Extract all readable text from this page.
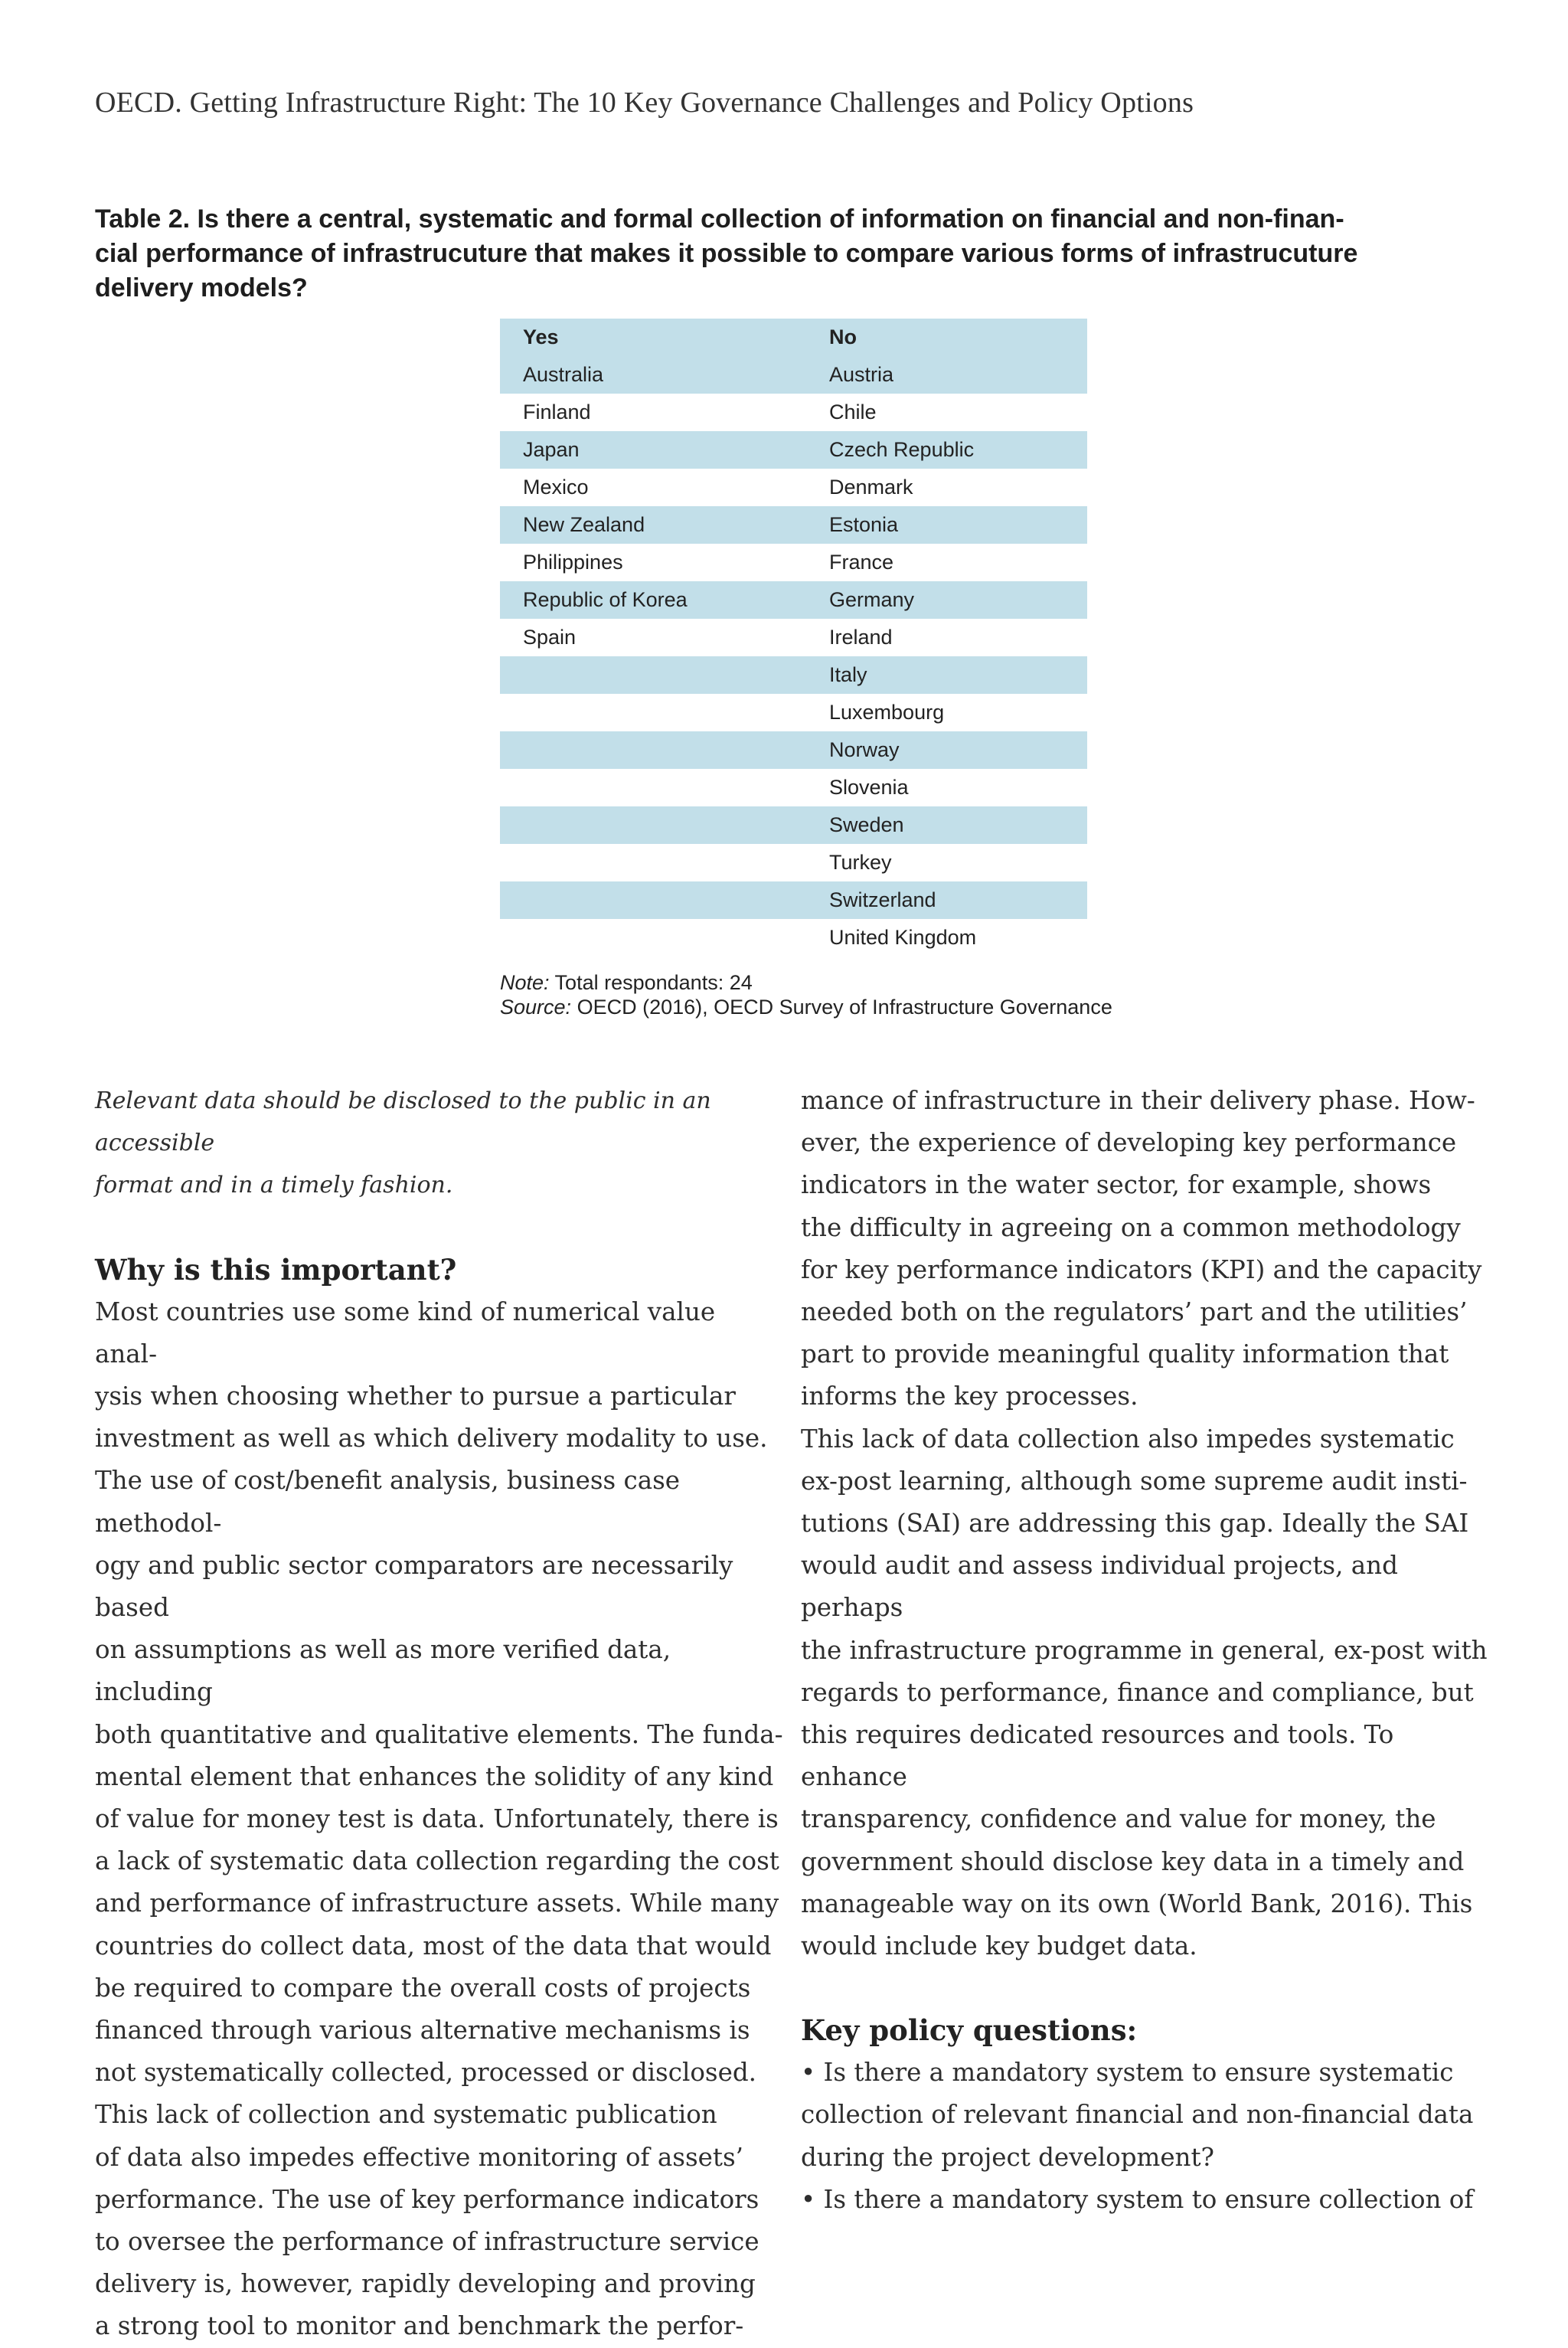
OECD. Getting Infrastructure Right: The 10 Key Governance Challenges and Policy Options
Table 2. Is there a central, systematic and formal collection of information on financial and non-finan-
cial performance of infrastrucuture that makes it possible to compare various forms of infrastrucuture
delivery models?
Yes	No
Australia	Austria
Finland	Chile
Japan	Czech Republic
Mexico	Denmark
New Zealand	Estonia
Philippines	France
Republic of Korea	Germany
Spain	Ireland
	Italy
	Luxembourg
	Norway
	Slovenia
	Sweden
	Turkey
	Switzerland
	United Kingdom
Note: Total respondants: 24
Source: OECD (2016), OECD Survey of Infrastructure Governance
Relevant data should be disclosed to the public in an accessible
format and in a timely fashion.
Why is this important?
Most countries use some kind of numerical value anal-
ysis when choosing whether to pursue a particular
investment as well as which delivery modality to use.
The use of cost/benefit analysis, business case methodol-
ogy and public sector comparators are necessarily based
on assumptions as well as more verified data, including
both quantitative and qualitative elements. The funda-
mental element that enhances the solidity of any kind
of value for money test is data. Unfortunately, there is
a lack of systematic data collection regarding the cost
and performance of infrastructure assets. While many
countries do collect data, most of the data that would
be required to compare the overall costs of projects
financed through various alternative mechanisms is
not systematically collected, processed or disclosed.
This lack of collection and systematic publication
of data also impedes effective monitoring of assets’
performance. The use of key performance indicators
to oversee the performance of infrastructure service
delivery is, however, rapidly developing and proving
a strong tool to monitor and benchmark the perfor-
mance of infrastructure in their delivery phase. How-
ever, the experience of developing key performance
indicators in the water sector, for example, shows
the difficulty in agreeing on a common methodology
for key performance indicators (KPI) and the capacity
needed both on the regulators’ part and the utilities’
part to provide meaningful quality information that
informs the key processes.
This lack of data collection also impedes systematic
ex-post learning, although some supreme audit insti-
tutions (SAI) are addressing this gap. Ideally the SAI
would audit and assess individual projects, and perhaps
the infrastructure programme in general, ex-post with
regards to performance, finance and compliance, but
this requires dedicated resources and tools. To enhance
transparency, confidence and value for money, the
government should disclose key data in a timely and
manageable way on its own (World Bank, 2016). This
would include key budget data.
Key policy questions:
• Is there a mandatory system to ensure systematic
collection of relevant financial and non-financial data
during the project development?
• Is there a mandatory system to ensure collection of
